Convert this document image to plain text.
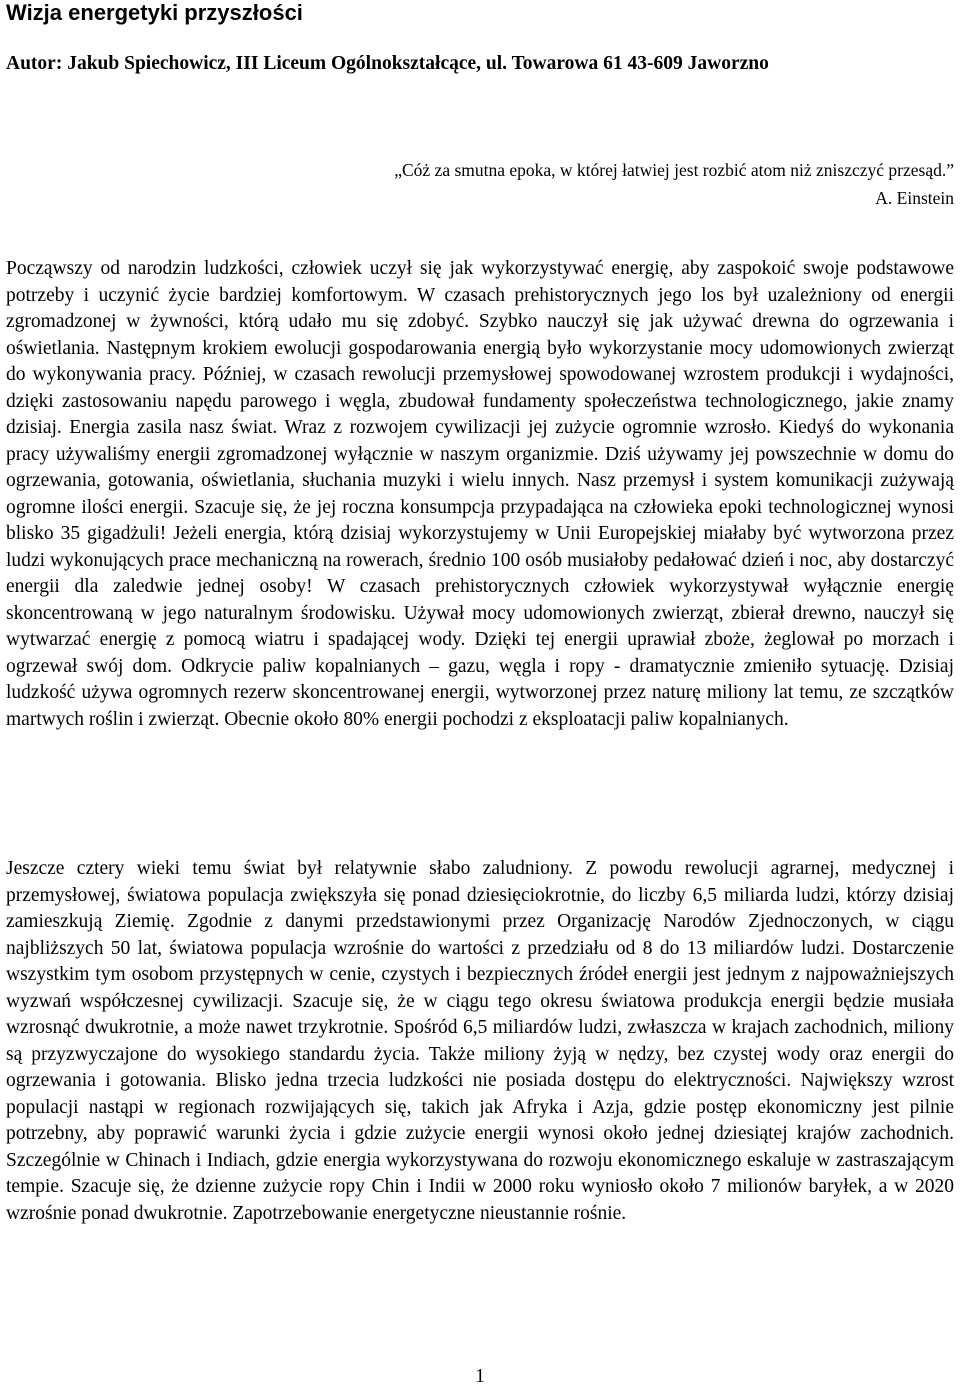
Wizja energetyki przyszłości
Autor: Jakub Spiechowicz, III Liceum Ogólnokształcące, ul. Towarowa 61 43-609 Jaworzno
„Cóż za smutna epoka, w której łatwiej jest rozbić atom niż zniszczyć przesąd.”
A. Einstein

Począwszy od narodzin ludzkości, człowiek uczył się jak wykorzystywać energię, aby zaspokoić swoje podstawowe potrzeby i uczynić życie bardziej komfortowym. W czasach prehistorycznych jego los był uzależniony od energii zgromadzonej w żywności, którą udało mu się zdobyć. Szybko nauczył się jak używać drewna do ogrzewania i oświetlania. Następnym krokiem ewolucji gospodarowania energią było wykorzystanie mocy udomowionych zwierząt do wykonywania pracy. Później, w czasach rewolucji przemysłowej spowodowanej wzrostem produkcji i wydajności, dzięki zastosowaniu napędu parowego i węgla, zbudował fundamenty społeczeństwa technologicznego, jakie znamy dzisiaj. Energia zasila nasz świat. Wraz z rozwojem cywilizacji jej zużycie ogromnie wzrosło. Kiedyś do wykonania pracy używaliśmy energii zgromadzonej wyłącznie w naszym organizmie. Dziś używamy jej powszechnie w domu do ogrzewania, gotowania, oświetlania, słuchania muzyki i wielu innych. Nasz przemysł i system komunikacji zużywają ogromne ilości energii. Szacuje się, że jej roczna konsumpcja przypadająca na człowieka epoki technologicznej wynosi blisko 35 gigadżuli! Jeżeli energia, którą dzisiaj wykorzystujemy w Unii Europejskiej miałaby być wytworzona przez ludzi wykonujących prace mechaniczną na rowerach, średnio 100 osób musiałoby pedałować dzień i noc, aby dostarczyć energii dla zaledwie jednej osoby! W czasach prehistorycznych człowiek wykorzystywał wyłącznie energię skoncentrowaną w jego naturalnym środowisku. Używał mocy udomowionych zwierząt, zbierał drewno, nauczył się wytwarzać energię z pomocą wiatru i spadającej wody. Dzięki tej energii uprawiał zboże, żeglował po morzach i ogrzewał swój dom. Odkrycie paliw kopalnianych – gazu, węgla i ropy - dramatycznie zmieniło sytuację. Dzisiaj ludzkość używa ogromnych rezerw skoncentrowanej energii, wytworzonej przez naturę miliony lat temu, ze szczątków martwych roślin i zwierząt. Obecnie około 80% energii pochodzi z eksploatacji paliw kopalnianych.

Jeszcze cztery wieki temu świat był relatywnie słabo zaludniony. Z powodu rewolucji agrarnej, medycznej i przemysłowej, światowa populacja zwiększyła się ponad dziesięciokrotnie, do liczby 6,5 miliarda ludzi, którzy dzisiaj zamieszkują Ziemię. Zgodnie z danymi przedstawionymi przez Organizację Narodów Zjednoczonych, w ciągu najbliższych 50 lat, światowa populacja wzrośnie do wartości z przedziału od 8 do 13 miliardów ludzi. Dostarczenie wszystkim tym osobom przystępnych w cenie, czystych i bezpiecznych źródeł energii jest jednym z najpoważniejszych wyzwań współczesnej cywilizacji. Szacuje się, że w ciągu tego okresu światowa produkcja energii będzie musiała wzrosnąć dwukrotnie, a może nawet trzykrotnie. Spośród 6,5 miliardów ludzi, zwłaszcza w krajach zachodnich, miliony są przyzwyczajone do wysokiego standardu życia. Także miliony żyją w nędzy, bez czystej wody oraz energii do ogrzewania i gotowania. Blisko jedna trzecia ludzkości nie posiada dostępu do elektryczności. Największy wzrost populacji nastąpi w regionach rozwijających się, takich jak Afryka i Azja, gdzie postęp ekonomiczny jest pilnie potrzebny, aby poprawić warunki życia i gdzie zużycie energii wynosi około jednej dziesiątej krajów zachodnich. Szczególnie w Chinach i Indiach, gdzie energia wykorzystywana do rozwoju ekonomicznego eskaluje w zastraszającym tempie. Szacuje się, że dzienne zużycie ropy Chin i Indii w 2000 roku wyniosło około 7 milionów baryłek, a w 2020 wzrośnie ponad dwukrotnie. Zapotrzebowanie energetyczne nieustannie rośnie.

1
